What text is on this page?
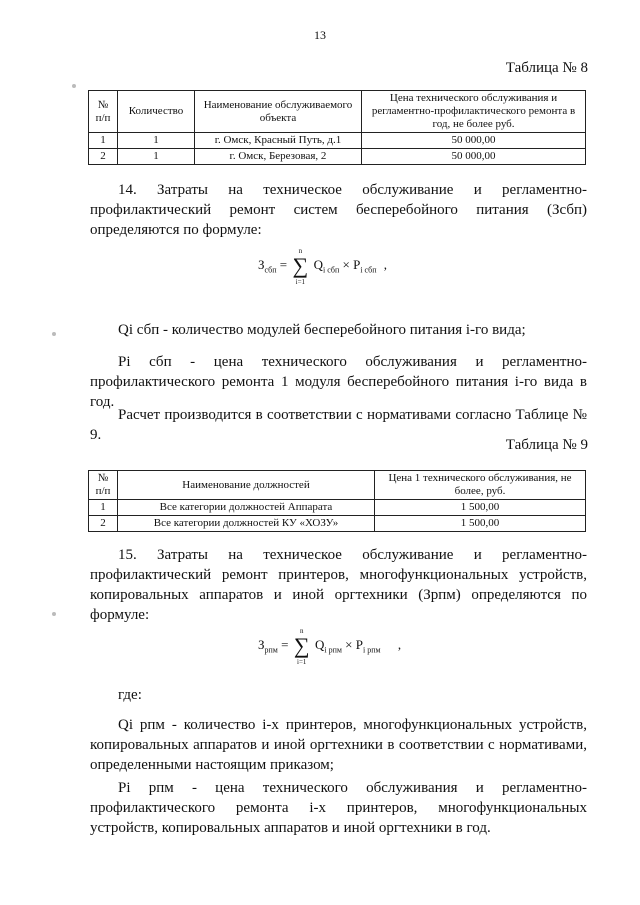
13
Таблица № 8
№ п/п	Количество	Наименование обслуживаемого объекта	Цена технического обслуживания и регламентно-профилактического ремонта в год, не более руб.
1	1	г. Омск, Красный Путь, д.1	50 000,00
2	1	г. Омск, Березовая, 2	50 000,00
14. Затраты на техническое обслуживание и регламентно-профилактический ремонт систем бесперебойного питания (Зсбп) определяются по формуле:
$З_{сбп}$ =
n
∑
i=1
$Q_{i сбп} \times P_{i сбп}$ ,
Qi сбп - количество модулей бесперебойного питания i-го вида;
Pi сбп - цена технического обслуживания и регламентно-профилактического ремонта 1 модуля бесперебойного питания i-го вида в год.
Расчет производится в соответствии с нормативами согласно Таблице № 9.
Таблица № 9
№ п/п	Наименование должностей	Цена 1 технического обслуживания, не более, руб.
1	Все категории должностей Аппарата	1 500,00
2	Все категории должностей КУ «ХОЗУ»	1 500,00
15. Затраты на техническое обслуживание и регламентно-профилактический ремонт принтеров, многофункциональных устройств, копировальных аппаратов и иной оргтехники (Зрпм) определяются по формуле:
$З_{рпм}$ =
n
∑
i=1
$Q_{i рпм} \times P_{i рпм}$ ,
где:
Qi рпм - количество i-х принтеров, многофункциональных устройств, копировальных аппаратов и иной оргтехники в соответствии с нормативами, определенными настоящим приказом;
Pi рпм - цена технического обслуживания и регламентно-профилактического ремонта i-х принтеров, многофункциональных устройств, копировальных аппаратов и иной оргтехники в год.
